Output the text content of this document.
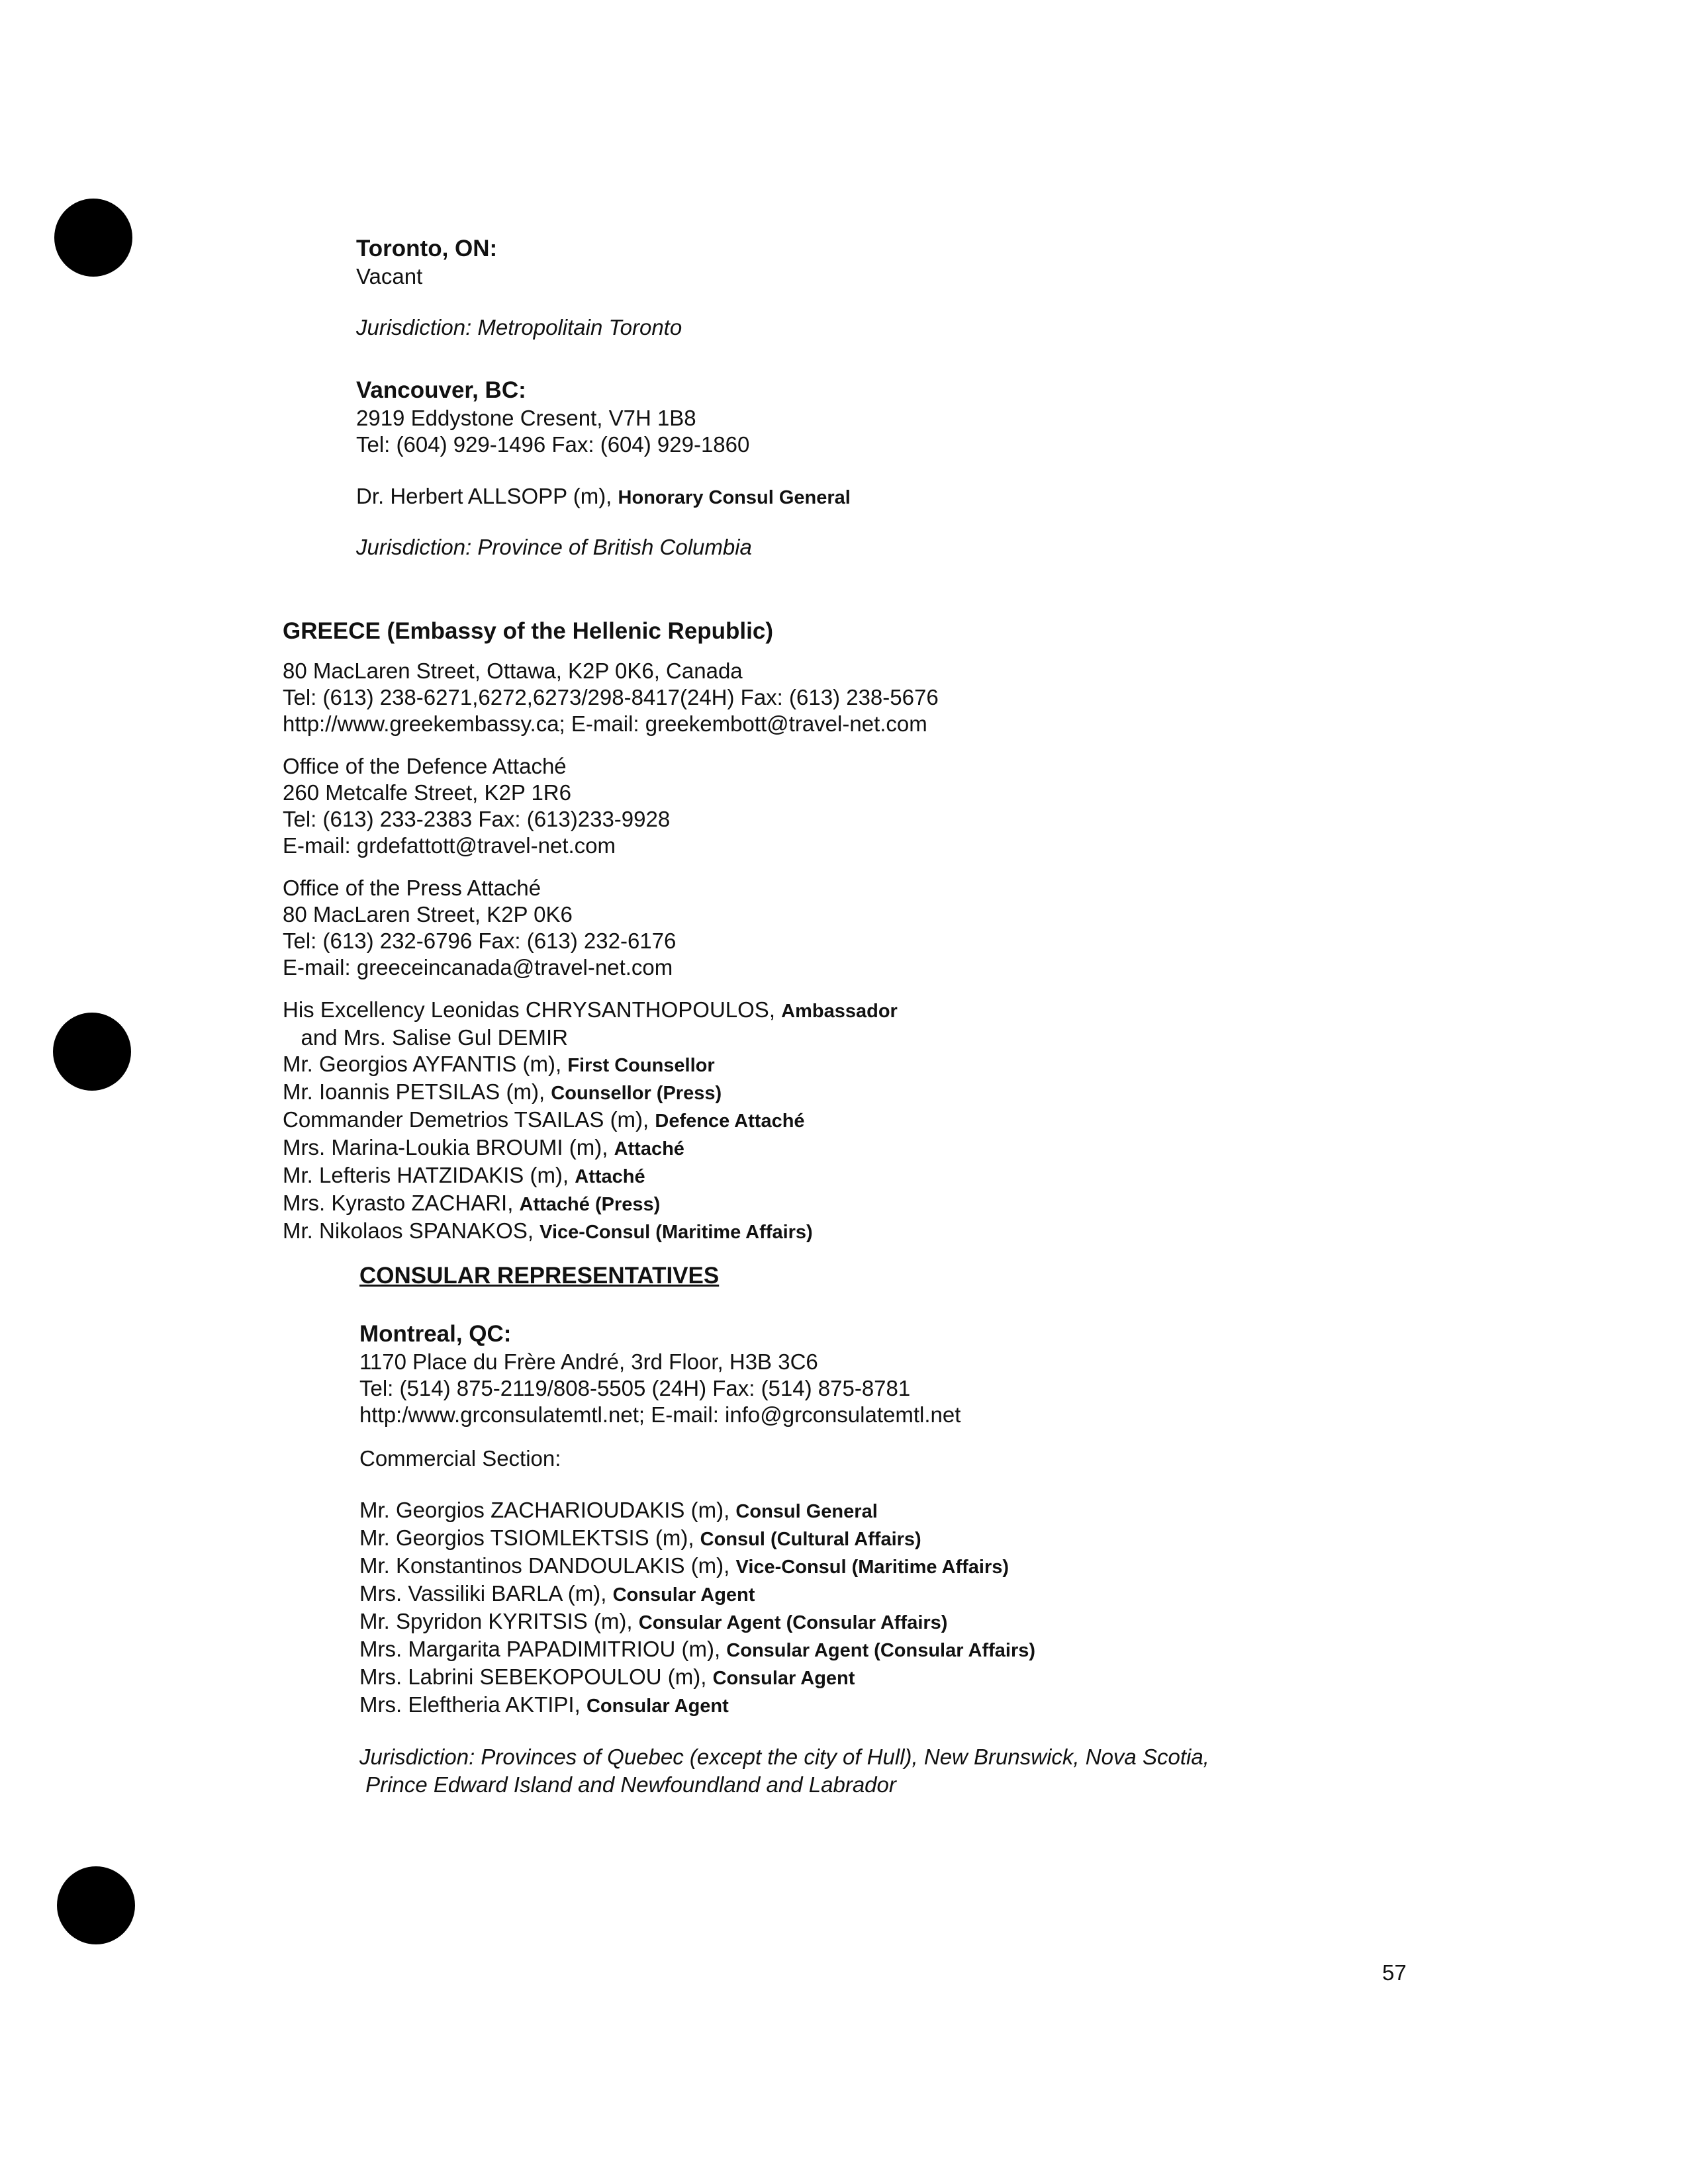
Toronto, ON:
Vacant
Jurisdiction: Metropolitain Toronto
Vancouver, BC:
2919 Eddystone Cresent, V7H 1B8
Tel: (604) 929-1496 Fax: (604) 929-1860
Dr. Herbert ALLSOPP (m), Honorary Consul General
Jurisdiction: Province of British Columbia
GREECE (Embassy of the Hellenic Republic)
80 MacLaren Street, Ottawa, K2P 0K6, Canada
Tel: (613) 238-6271,6272,6273/298-8417(24H) Fax: (613) 238-5676
http://www.greekembassy.ca; E-mail: greekembott@travel-net.com
Office of the Defence Attaché
260 Metcalfe Street, K2P 1R6
Tel: (613) 233-2383 Fax: (613)233-9928
E-mail: grdefattott@travel-net.com
Office of the Press Attaché
80 MacLaren Street, K2P 0K6
Tel: (613) 232-6796 Fax: (613) 232-6176
E-mail: greeceincanada@travel-net.com
His Excellency Leonidas CHRYSANTHOPOULOS, Ambassador
and Mrs. Salise Gul DEMIR
Mr. Georgios AYFANTIS (m), First Counsellor
Mr. Ioannis PETSILAS (m), Counsellor (Press)
Commander Demetrios TSAILAS (m), Defence Attaché
Mrs. Marina-Loukia BROUMI (m), Attaché
Mr. Lefteris HATZIDAKIS (m), Attaché
Mrs. Kyrasto ZACHARI, Attaché (Press)
Mr. Nikolaos SPANAKOS, Vice-Consul (Maritime Affairs)
CONSULAR REPRESENTATIVES
Montreal, QC:
1170 Place du Frère André, 3rd Floor, H3B 3C6
Tel: (514) 875-2119/808-5505 (24H) Fax: (514) 875-8781
http:/www.grconsulatemtl.net; E-mail: info@grconsulatemtl.net
Commercial Section:
Mr. Georgios ZACHARIOUDAKIS (m), Consul General
Mr. Georgios TSIOMLEKTSIS (m), Consul (Cultural Affairs)
Mr. Konstantinos DANDOULAKIS (m), Vice-Consul (Maritime Affairs)
Mrs. Vassiliki BARLA (m), Consular Agent
Mr. Spyridon KYRITSIS (m), Consular Agent (Consular Affairs)
Mrs. Margarita PAPADIMITRIOU (m), Consular Agent (Consular Affairs)
Mrs. Labrini SEBEKOPOULOU (m), Consular Agent
Mrs. Eleftheria AKTIPI, Consular Agent
Jurisdiction: Provinces of Quebec (except the city of Hull), New Brunswick, Nova Scotia,
Prince Edward Island and Newfoundland and Labrador
57
